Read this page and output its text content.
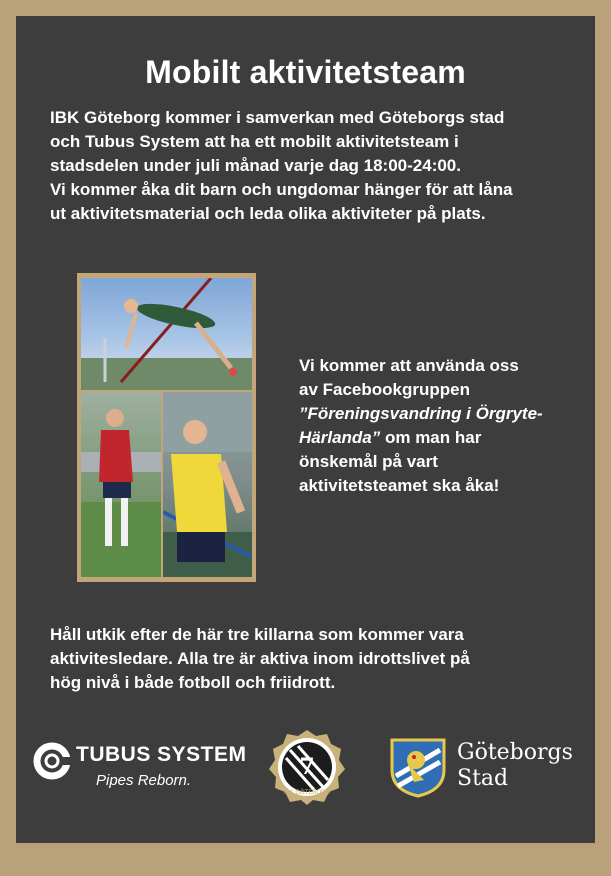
Mobilt aktivitetsteam
IBK Göteborg kommer i samverkan med Göteborgs stad
och Tubus System att ha ett mobilt aktivitetsteam i
stadsdelen under juli månad varje dag 18:00-24:00.
Vi kommer åka dit barn och ungdomar hänger för att låna
ut aktivitetsmaterial och leda olika aktiviteter på plats.
Vi kommer att använda oss
av Facebookgruppen
”Föreningsvandring i Örgryte-
Härlanda” om man har
önskemål på vart
aktivitetsteamet ska åka!
Håll utkik efter de här tre killarna som kommer vara
aktivitesledare. Alla tre är aktiva inom idrottslivet på
hög nivå i både fotboll och friidrott.
TUBUS SYSTEM
Pipes Reborn.
7
IBK GÖTEBORG
Göteborgs
Stad
